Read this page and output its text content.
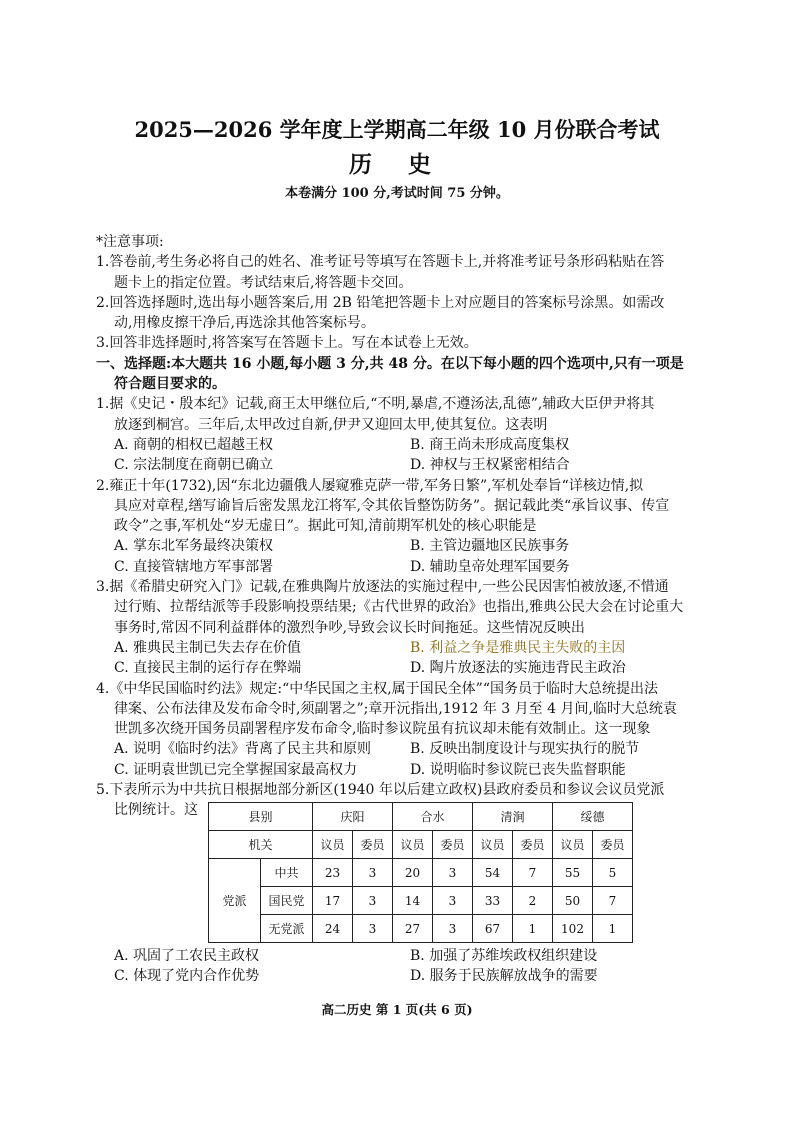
2025—2026 学年度上学期高二年级 10 月份联合考试
历 史
本卷满分 100 分,考试时间 75 分钟。
*注意事项:
1.答卷前,考生务必将自己的姓名、准考证号等填写在答题卡上,并将准考证号条形码粘贴在答
题卡上的指定位置。考试结束后,将答题卡交回。
2.回答选择题时,选出每小题答案后,用 2B 铅笔把答题卡上对应题目的答案标号涂黑。如需改
动,用橡皮擦干净后,再选涂其他答案标号。
3.回答非选择题时,将答案写在答题卡上。写在本试卷上无效。
一、选择题:本大题共 16 小题,每小题 3 分,共 48 分。在以下每小题的四个选项中,只有一项是
符合题目要求的。
1.据《史记・殷本纪》记载,商王太甲继位后,“不明,暴虐,不遵汤法,乱德”,辅政大臣伊尹将其
放逐到桐宫。三年后,太甲改过自新,伊尹又迎回太甲,使其复位。这表明
A. 商朝的相权已超越王权	B. 商王尚未形成高度集权
C. 宗法制度在商朝已确立	D. 神权与王权紧密相结合
2.雍正十年(1732),因“东北边疆俄人屡窥雅克萨一带,军务日繁”,军机处奉旨“详核边情,拟
具应对章程,缮写谕旨后密发黑龙江将军,令其依旨整饬防务”。据记载此类“承旨议事、传宣
政令”之事,军机处“岁无虚日”。据此可知,清前期军机处的核心职能是
A. 掌东北军务最终决策权	B. 主管边疆地区民族事务
C. 直接管辖地方军事部署	D. 辅助皇帝处理军国要务
3.据《希腊史研究入门》记载,在雅典陶片放逐法的实施过程中,一些公民因害怕被放逐,不惜通
过行贿、拉帮结派等手段影响投票结果;《古代世界的政治》也指出,雅典公民大会在讨论重大
事务时,常因不同利益群体的激烈争吵,导致会议长时间拖延。这些情况反映出
A. 雅典民主制已失去存在价值	B. 利益之争是雅典民主失败的主因
C. 直接民主制的运行存在弊端	D. 陶片放逐法的实施违背民主政治
4.《中华民国临时约法》规定:“中华民国之主权,属于国民全体”“国务员于临时大总统提出法
律案、公布法律及发布命令时,须副署之”;章开沅指出,1912 年 3 月至 4 月间,临时大总统袁
世凯多次绕开国务员副署程序发布命令,临时参议院虽有抗议却未能有效制止。这一现象
A. 说明《临时约法》背离了民主共和原则	B. 反映出制度设计与现实执行的脱节
C. 证明袁世凯已完全掌握国家最高权力	D. 说明临时参议院已丧失监督职能
5.下表所示为中共抗日根据地部分新区(1940 年以后建立政权)县政府委员和参议会议员党派
比例统计。这	县别		庆阳		合水		清涧		绥德	
机关		议员	委员	议员	委员	议员	委员	议员	委员
党派	中共	23	3	20	3	54	7	55	5
	国民党	17	3	14	3	33	2	50	7
	无党派	24	3	27	3	67	1	102	1
A. 巩固了工农民主政权	B. 加强了苏维埃政权组织建设
C. 体现了党内合作优势	D. 服务于民族解放战争的需要
高二历史 第 1 页(共 6 页)
